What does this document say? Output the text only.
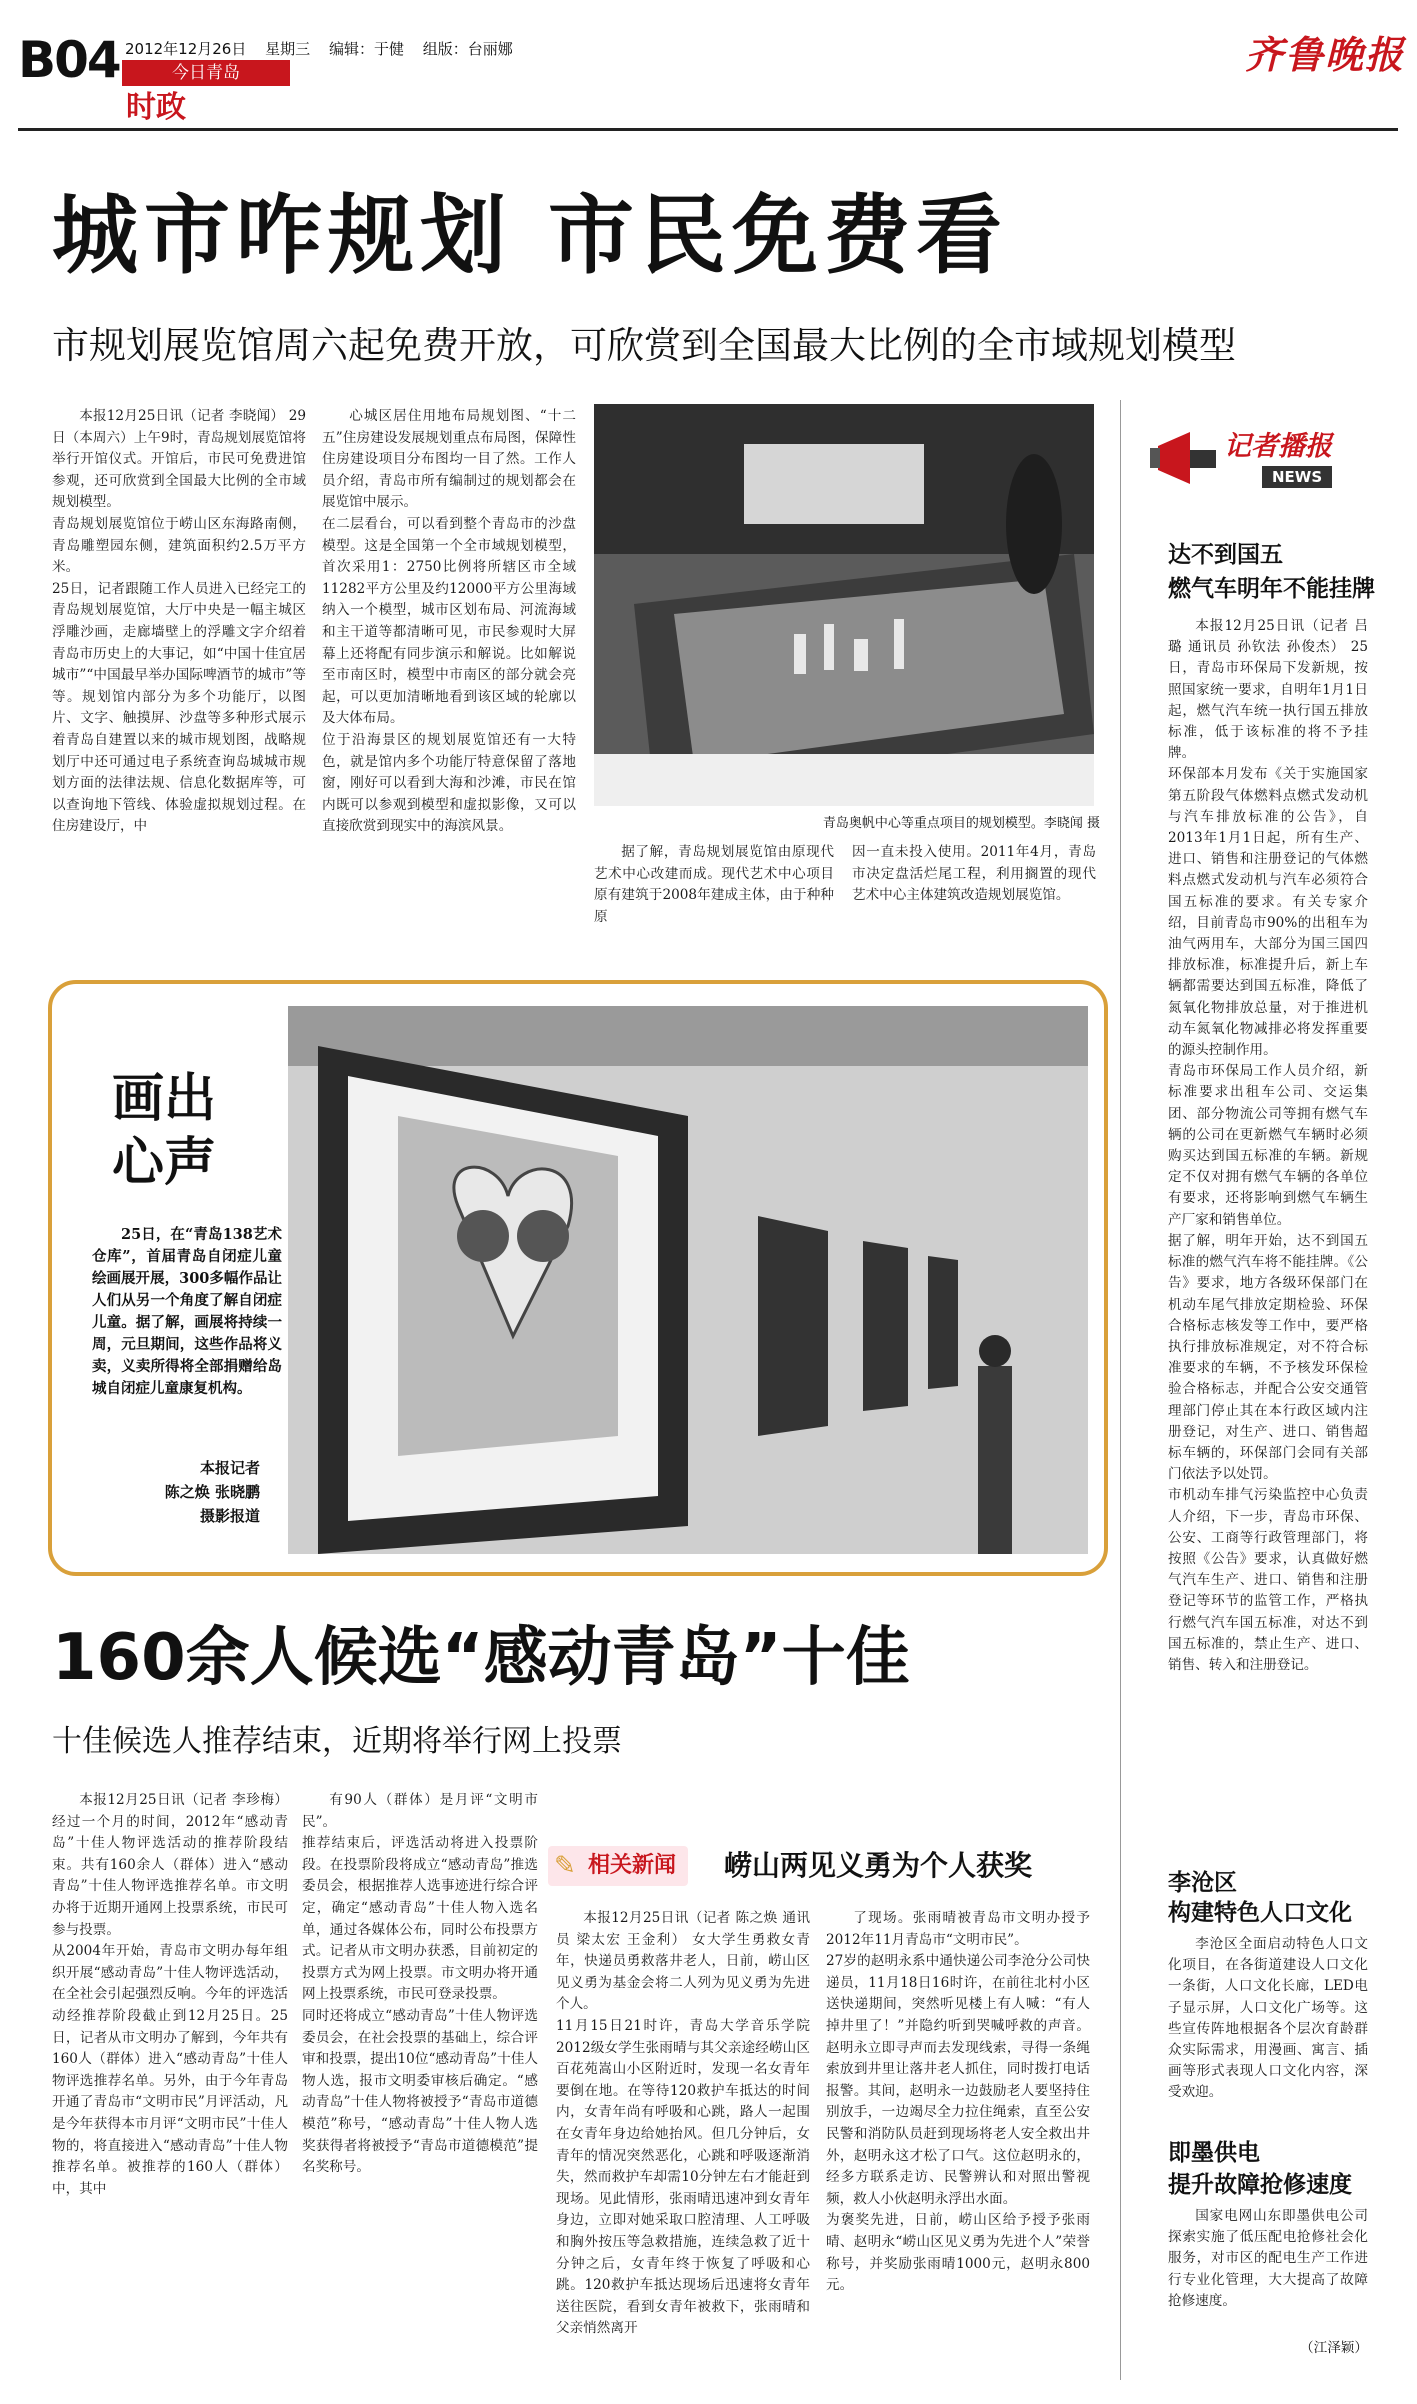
B04 2012年12月26日 星期三 编辑：于健 组版：台丽娜
今日青岛
时政
齐鲁晚报
城市咋规划 市民免费看
市规划展览馆周六起免费开放，可欣赏到全国最大比例的全市域规划模型

本报12月25日讯（记者 李晓闻） 29日（本周六）上午9时，青岛规划展览馆将举行开馆仪式。开馆后，市民可免费进馆参观，还可欣赏到全国最大比例的全市域规划模型。
青岛规划展览馆位于崂山区东海路南侧，青岛雕塑园东侧，建筑面积约2.5万平方米。
25日，记者跟随工作人员进入已经完工的青岛规划展览馆，大厅中央是一幅主城区浮雕沙画，走廊墙壁上的浮雕文字介绍着青岛市历史上的大事记，如“中国十佳宜居城市”“中国最早举办国际啤酒节的城市”等等。规划馆内部分为多个功能厅，以图片、文字、触摸屏、沙盘等多种形式展示着青岛自建置以来的城市规划图，战略规划厅中还可通过电子系统查询岛城城市规划方面的法律法规、信息化数据库等，可以查询地下管线、体验虚拟规划过程。在住房建设厅，中

心城区居住用地布局规划图、“十二五”住房建设发展规划重点布局图，保障性住房建设项目分布图均一目了然。工作人员介绍，青岛市所有编制过的规划都会在展览馆中展示。
在二层看台，可以看到整个青岛市的沙盘模型。这是全国第一个全市域规划模型，首次采用1：2750比例将所辖区市全域11282平方公里及约12000平方公里海域纳入一个模型，城市区划布局、河流海域和主干道等都清晰可见，市民参观时大屏幕上还将配有同步演示和解说。比如解说至市南区时，模型中市南区的部分就会亮起，可以更加清晰地看到该区域的轮廓以及大体布局。
位于沿海景区的规划展览馆还有一大特色，就是馆内多个功能厅特意保留了落地窗，刚好可以看到大海和沙滩，市民在馆内既可以参观到模型和虚拟影像，又可以直接欣赏到现实中的海滨风景。	青岛奥帆中心等重点项目的规划模型。李晓闻 摄

据了解，青岛规划展览馆由原现代艺术中心改建而成。现代艺术中心项目原有建筑于2008年建成主体，由于种种原

因一直未投入使用。2011年4月，青岛市决定盘活烂尾工程，利用搁置的现代艺术中心主体建筑改造规划展览馆。

画出
心声
25日，在“青岛138艺术仓库”，首届青岛自闭症儿童绘画展开展，300多幅作品让人们从另一个角度了解自闭症儿童。据了解，画展将持续一周，元旦期间，这些作品将义卖，义卖所得将全部捐赠给岛城自闭症儿童康复机构。
本报记者
陈之焕 张晓鹏
摄影报道
160余人候选“感动青岛”十佳
十佳候选人推荐结束，近期将举行网上投票

本报12月25日讯（记者 李珍梅） 经过一个月的时间，2012年“感动青岛”十佳人物评选活动的推荐阶段结束。共有160余人（群体）进入“感动青岛”十佳人物评选推荐名单。市文明办将于近期开通网上投票系统，市民可参与投票。
从2004年开始，青岛市文明办每年组织开展“感动青岛”十佳人物评选活动，在全社会引起强烈反响。今年的评选活动经推荐阶段截止到12月25日。25日，记者从市文明办了解到，今年共有160人（群体）进入“感动青岛”十佳人物评选推荐名单。另外，由于今年青岛开通了青岛市“文明市民”月评活动，凡是今年获得本市月评“文明市民”十佳人物的，将直接进入“感动青岛”十佳人物推荐名单。被推荐的160人（群体）中，其中

有90人（群体）是月评“文明市民”。
推荐结束后，评选活动将进入投票阶段。在投票阶段将成立“感动青岛”推选委员会，根据推荐人选事迹进行综合评定，确定“感动青岛”十佳人物入选名单，通过各媒体公布，同时公布投票方式。记者从市文明办获悉，目前初定的投票方式为网上投票。市文明办将开通网上投票系统，市民可登录投票。
同时还将成立“感动青岛”十佳人物评选委员会，在社会投票的基础上，综合评审和投票，提出10位“感动青岛”十佳人物人选，报市文明委审核后确定。“感动青岛”十佳人物将被授予“青岛市道德模范”称号，“感动青岛”十佳人物人选奖获得者将被授予“青岛市道德模范”提名奖称号。

✎ 相关新闻	崂山两见义勇为个人获奖

本报12月25日讯（记者 陈之焕 通讯员 梁太宏 王金利） 女大学生勇救女青年，快递员勇救落井老人，日前，崂山区见义勇为基金会将二人列为见义勇为先进个人。
11月15日21时许，青岛大学音乐学院2012级女学生张雨晴与其父亲途经崂山区百花苑嵩山小区附近时，发现一名女青年要倒在地。在等待120救护车抵达的时间内，女青年尚有呼吸和心跳，路人一起围在女青年身边给她抬风。但几分钟后，女青年的情况突然恶化，心跳和呼吸逐渐消失，然而救护车却需10分钟左右才能赶到现场。见此情形，张雨晴迅速冲到女青年身边，立即对她采取口腔清理、人工呼吸和胸外按压等急救措施，连续急救了近十分钟之后，女青年终于恢复了呼吸和心跳。120救护车抵达现场后迅速将女青年送往医院，看到女青年被救下，张雨晴和父亲悄然离开

了现场。张雨晴被青岛市文明办授予2012年11月青岛市“文明市民”。
27岁的赵明永系中通快递公司李沧分公司快递员，11月18日16时许，在前往北村小区送快递期间，突然听见楼上有人喊：“有人掉井里了！”并隐约听到哭喊呼救的声音。赵明永立即寻声而去发现线索，寻得一条绳索放到井里让落井老人抓住，同时拨打电话报警。其间，赵明永一边鼓励老人要坚持住别放手，一边竭尽全力拉住绳索，直至公安民警和消防队员赶到现场将老人安全救出井外，赵明永这才松了口气。这位赵明永的，经多方联系走访、民警辨认和对照出警视频，救人小伙赵明永浮出水面。
为褒奖先进，日前，崂山区给予授予张雨晴、赵明永“崂山区见义勇为先进个人”荣誉称号，并奖励张雨晴1000元，赵明永800元。

记者播报
NEWS
达不到国五
燃气车明年不能挂牌

本报12月25日讯（记者 吕璐 通讯员 孙钦法 孙俊杰） 25日，青岛市环保局下发新规，按照国家统一要求，自明年1月1日起，燃气汽车统一执行国五排放标准，低于该标准的将不予挂牌。
环保部本月发布《关于实施国家第五阶段气体燃料点燃式发动机与汽车排放标准的公告》，自2013年1月1日起，所有生产、进口、销售和注册登记的气体燃料点燃式发动机与汽车必须符合国五标准的要求。有关专家介绍，目前青岛市90%的出租车为油气两用车，大部分为国三国四排放标准，标准提升后，新上车辆都需要达到国五标准，降低了氮氧化物排放总量，对于推进机动车氮氧化物减排必将发挥重要的源头控制作用。
青岛市环保局工作人员介绍，新标准要求出租车公司、交运集团、部分物流公司等拥有燃气车辆的公司在更新燃气车辆时必须购买达到国五标准的车辆。新规定不仅对拥有燃气车辆的各单位有要求，还将影响到燃气车辆生产厂家和销售单位。
据了解，明年开始，达不到国五标准的燃气汽车将不能挂牌。《公告》要求，地方各级环保部门在机动车尾气排放定期检验、环保合格标志核发等工作中，要严格执行排放标准规定，对不符合标准要求的车辆，不予核发环保检验合格标志，并配合公安交通管理部门停止其在本行政区域内注册登记，对生产、进口、销售超标车辆的，环保部门会同有关部门依法予以处罚。
市机动车排气污染监控中心负责人介绍，下一步，青岛市环保、公安、工商等行政管理部门，将按照《公告》要求，认真做好燃气汽车生产、进口、销售和注册登记等环节的监管工作，严格执行燃气汽车国五标准，对达不到国五标准的，禁止生产、进口、销售、转入和注册登记。

李沧区
构建特色人口文化

李沧区全面启动特色人口文化项目，在各街道建设人口文化一条街，人口文化长廊，LED电子显示屏，人口文化广场等。这些宣传阵地根据各个层次育龄群众实际需求，用漫画、寓言、插画等形式表现人口文化内容，深受欢迎。

即墨供电
提升故障抢修速度

国家电网山东即墨供电公司探索实施了低压配电抢修社会化服务，对市区的配电生产工作进行专业化管理，大大提高了故障抢修速度。

（江泽颖）
